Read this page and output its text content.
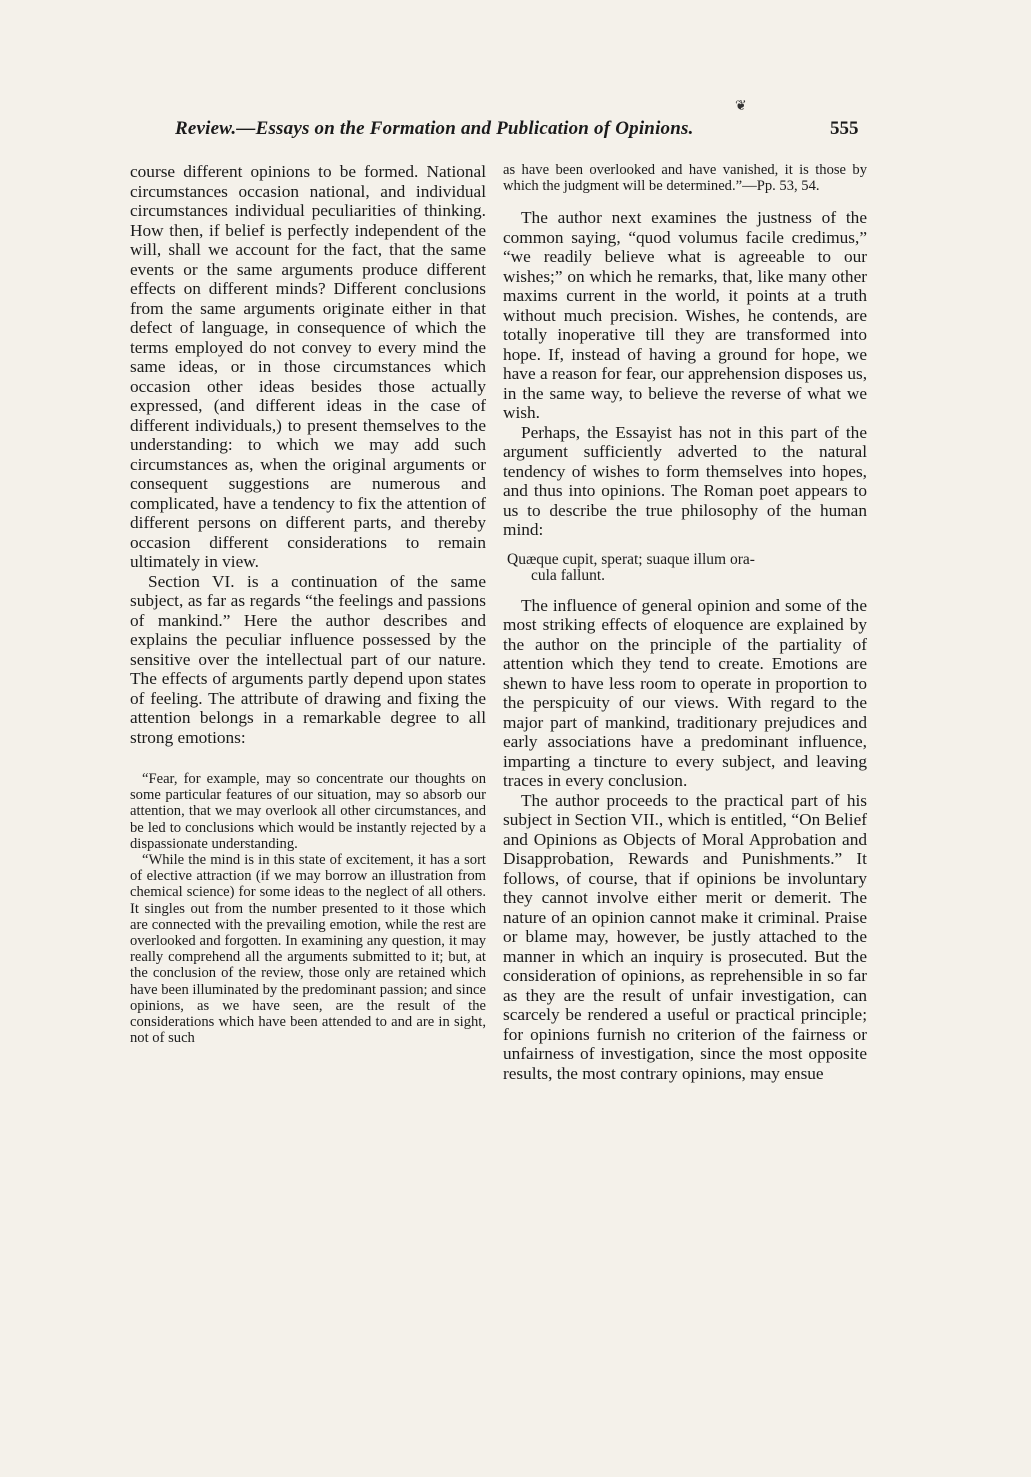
❦
Review.—Essays on the Formation and Publication of Opinions.	555

course different opinions to be formed. National circumstances occasion national, and individual circumstances individual peculiarities of thinking. How then, if belief is perfectly independent of the will, shall we account for the fact, that the same events or the same arguments produce different effects on different minds? Different conclusions from the same arguments originate either in that defect of language, in consequence of which the terms employed do not convey to every mind the same ideas, or in those circumstances which occasion other ideas besides those actually expressed, (and different ideas in the case of different individuals,) to present themselves to the understanding: to which we may add such circumstances as, when the original arguments or consequent suggestions are numerous and complicated, have a tendency to fix the attention of different persons on different parts, and thereby occasion different considerations to remain ultimately in view.

Section VI. is a continuation of the same subject, as far as regards “the feelings and passions of mankind.” Here the author describes and explains the peculiar influence possessed by the sensitive over the intellectual part of our nature. The effects of arguments partly depend upon states of feeling. The attribute of drawing and fixing the attention belongs in a remarkable degree to all strong emotions:

“Fear, for example, may so concentrate our thoughts on some particular features of our situation, may so absorb our attention, that we may overlook all other circumstances, and be led to conclusions which would be instantly rejected by a dispassionate understanding.

“While the mind is in this state of excitement, it has a sort of elective attraction (if we may borrow an illustration from chemical science) for some ideas to the neglect of all others. It singles out from the number presented to it those which are connected with the prevailing emotion, while the rest are overlooked and forgotten. In examining any question, it may really comprehend all the arguments submitted to it; but, at the conclusion of the review, those only are retained which have been illuminated by the predominant passion; and since opinions, as we have seen, are the result of the considerations which have been attended to and are in sight, not of such

as have been overlooked and have vanished, it is those by which the judgment will be determined.”—Pp. 53, 54.

The author next examines the justness of the common saying, “quod volumus facile credimus,” “we readily believe what is agreeable to our wishes;” on which he remarks, that, like many other maxims current in the world, it points at a truth without much precision. Wishes, he contends, are totally inoperative till they are transformed into hope. If, instead of having a ground for hope, we have a reason for fear, our apprehension disposes us, in the same way, to believe the reverse of what we wish.

Perhaps, the Essayist has not in this part of the argument sufficiently adverted to the natural tendency of wishes to form themselves into hopes, and thus into opinions. The Roman poet appears to us to describe the true philosophy of the human mind:

Quæque cupit, sperat; suaque illum ora-
cula fallunt.

The influence of general opinion and some of the most striking effects of eloquence are explained by the author on the principle of the partiality of attention which they tend to create. Emotions are shewn to have less room to operate in proportion to the perspicuity of our views. With regard to the major part of mankind, traditionary prejudices and early associations have a predominant influence, imparting a tincture to every subject, and leaving traces in every conclusion.

The author proceeds to the practical part of his subject in Section VII., which is entitled, “On Belief and Opinions as Objects of Moral Approbation and Disapprobation, Rewards and Punishments.” It follows, of course, that if opinions be involuntary they cannot involve either merit or demerit. The nature of an opinion cannot make it criminal. Praise or blame may, however, be justly attached to the manner in which an inquiry is prosecuted. But the consideration of opinions, as reprehensible in so far as they are the result of unfair investigation, can scarcely be rendered a useful or practical principle; for opinions furnish no criterion of the fairness or unfairness of investigation, since the most opposite results, the most contrary opinions, may ensue
